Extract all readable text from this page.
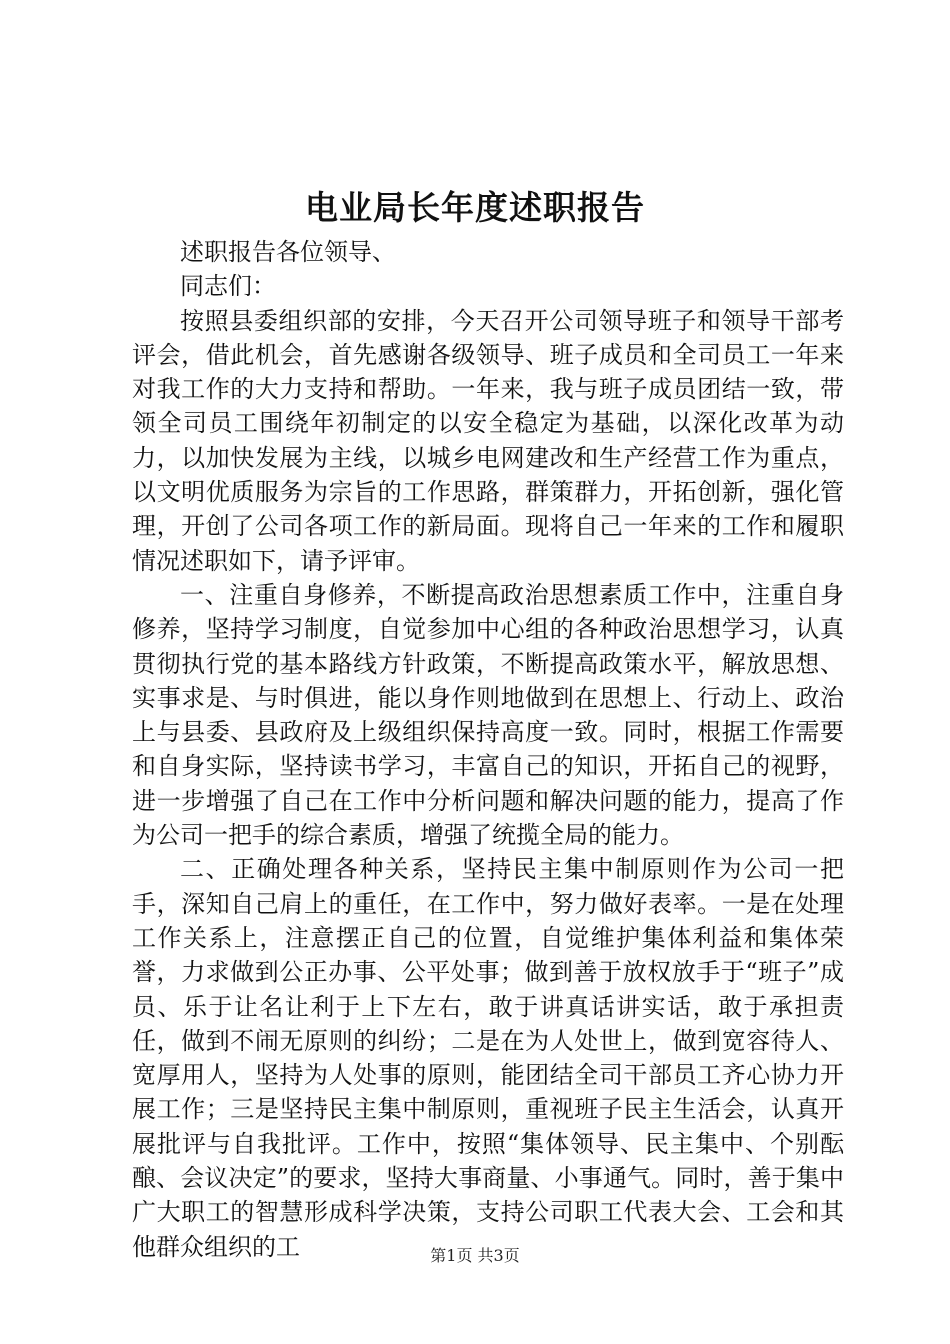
电业局长年度述职报告

述职报告各位领导、

同志们：

按照县委组织部的安排，今天召开公司领导班子和领导干部考评会，借此机会，首先感谢各级领导、班子成员和全司员工一年来对我工作的大力支持和帮助。一年来，我与班子成员团结一致，带领全司员工围绕年初制定的以安全稳定为基础，以深化改革为动力，以加快发展为主线，以城乡电网建改和生产经营工作为重点，以文明优质服务为宗旨的工作思路，群策群力，开拓创新，强化管理，开创了公司各项工作的新局面。现将自己一年来的工作和履职情况述职如下，请予评审。

一、注重自身修养，不断提高政治思想素质工作中，注重自身修养，坚持学习制度，自觉参加中心组的各种政治思想学习，认真贯彻执行党的基本路线方针政策，不断提高政策水平，解放思想、实事求是、与时俱进，能以身作则地做到在思想上、行动上、政治上与县委、县政府及上级组织保持高度一致。同时，根据工作需要和自身实际，坚持读书学习，丰富自己的知识，开拓自己的视野，进一步增强了自己在工作中分析问题和解决问题的能力，提高了作为公司一把手的综合素质，增强了统揽全局的能力。

二、正确处理各种关系，坚持民主集中制原则作为公司一把手，深知自己肩上的重任，在工作中，努力做好表率。一是在处理工作关系上，注意摆正自己的位置，自觉维护集体利益和集体荣誉，力求做到公正办事、公平处事；做到善于放权放手于“班子”成员、乐于让名让利于上下左右，敢于讲真话讲实话，敢于承担责任，做到不闹无原则的纠纷；二是在为人处世上，做到宽容待人、宽厚用人，坚持为人处事的原则，能团结全司干部员工齐心协力开展工作；三是坚持民主集中制原则，重视班子民主生活会，认真开展批评与自我批评。工作中，按照“集体领导、民主集中、个别酝酿、会议决定”的要求，坚持大事商量、小事通气。同时，善于集中广大职工的智慧形成科学决策，支持公司职工代表大会、工会和其他群众组织的工	第1页 共3页
